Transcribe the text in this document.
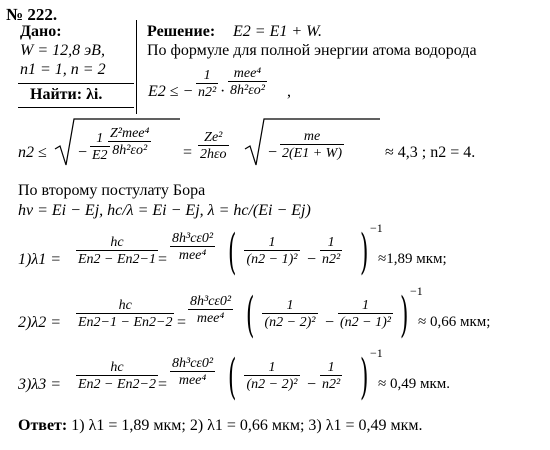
№ 222.
Дано:
W = 12,8 эВ,
n1 = 1, n = 2
Найти: λi.
Решение: E2 = E1 + W.
По формуле для полной энергии атома водорода
E2 ≤ − $\frac{1}{\text{n2²}}$ ·
mee⁴
8h²εo² ,
n2 ≤ − $\frac{1}{E2} Z^2mee^4$
8h²εo² =
Ze²
2hεo	− $\frac{me}{2(E1 + W)}$	≈ 4,3 ; n2 = 4.
По второму постулату Бора
hν = Ei − Ej, hc/λ = Ei − Ej, λ = hc/(Ei − Ej)
$1)\lambda 1 = \frac{hc}{En2 - En2-1}$ =
8h³cε0²
mee⁴ ( $\frac{1}{\text{(n2 − 1)²}} - \frac{1}{\text{n2²}}$ ) −1
≈1,89 мкм;
$2)\lambda 2 = \frac{hc}{En2-1 - En2-2}$ =
8h³cε0²
mee⁴ ( $\frac{1}{\text{(n2 − 2)²}} - \frac{1}{\text{(n2 − 1)²}}$ ) −1
≈ 0,66 мкм;
$3)\lambda 3 = \frac{hc}{En2 - En2-2}$ =
8h³cε0²
mee⁴ ( $\frac{1}{\text{(n2 − 2)²}} - \frac{1}{\text{n2²}}$ ) −1
≈ 0,49 мкм.
Ответ: 1) λ1 = 1,89 мкм; 2) λ1 = 0,66 мкм; 3) λ1 = 0,49 мкм.
